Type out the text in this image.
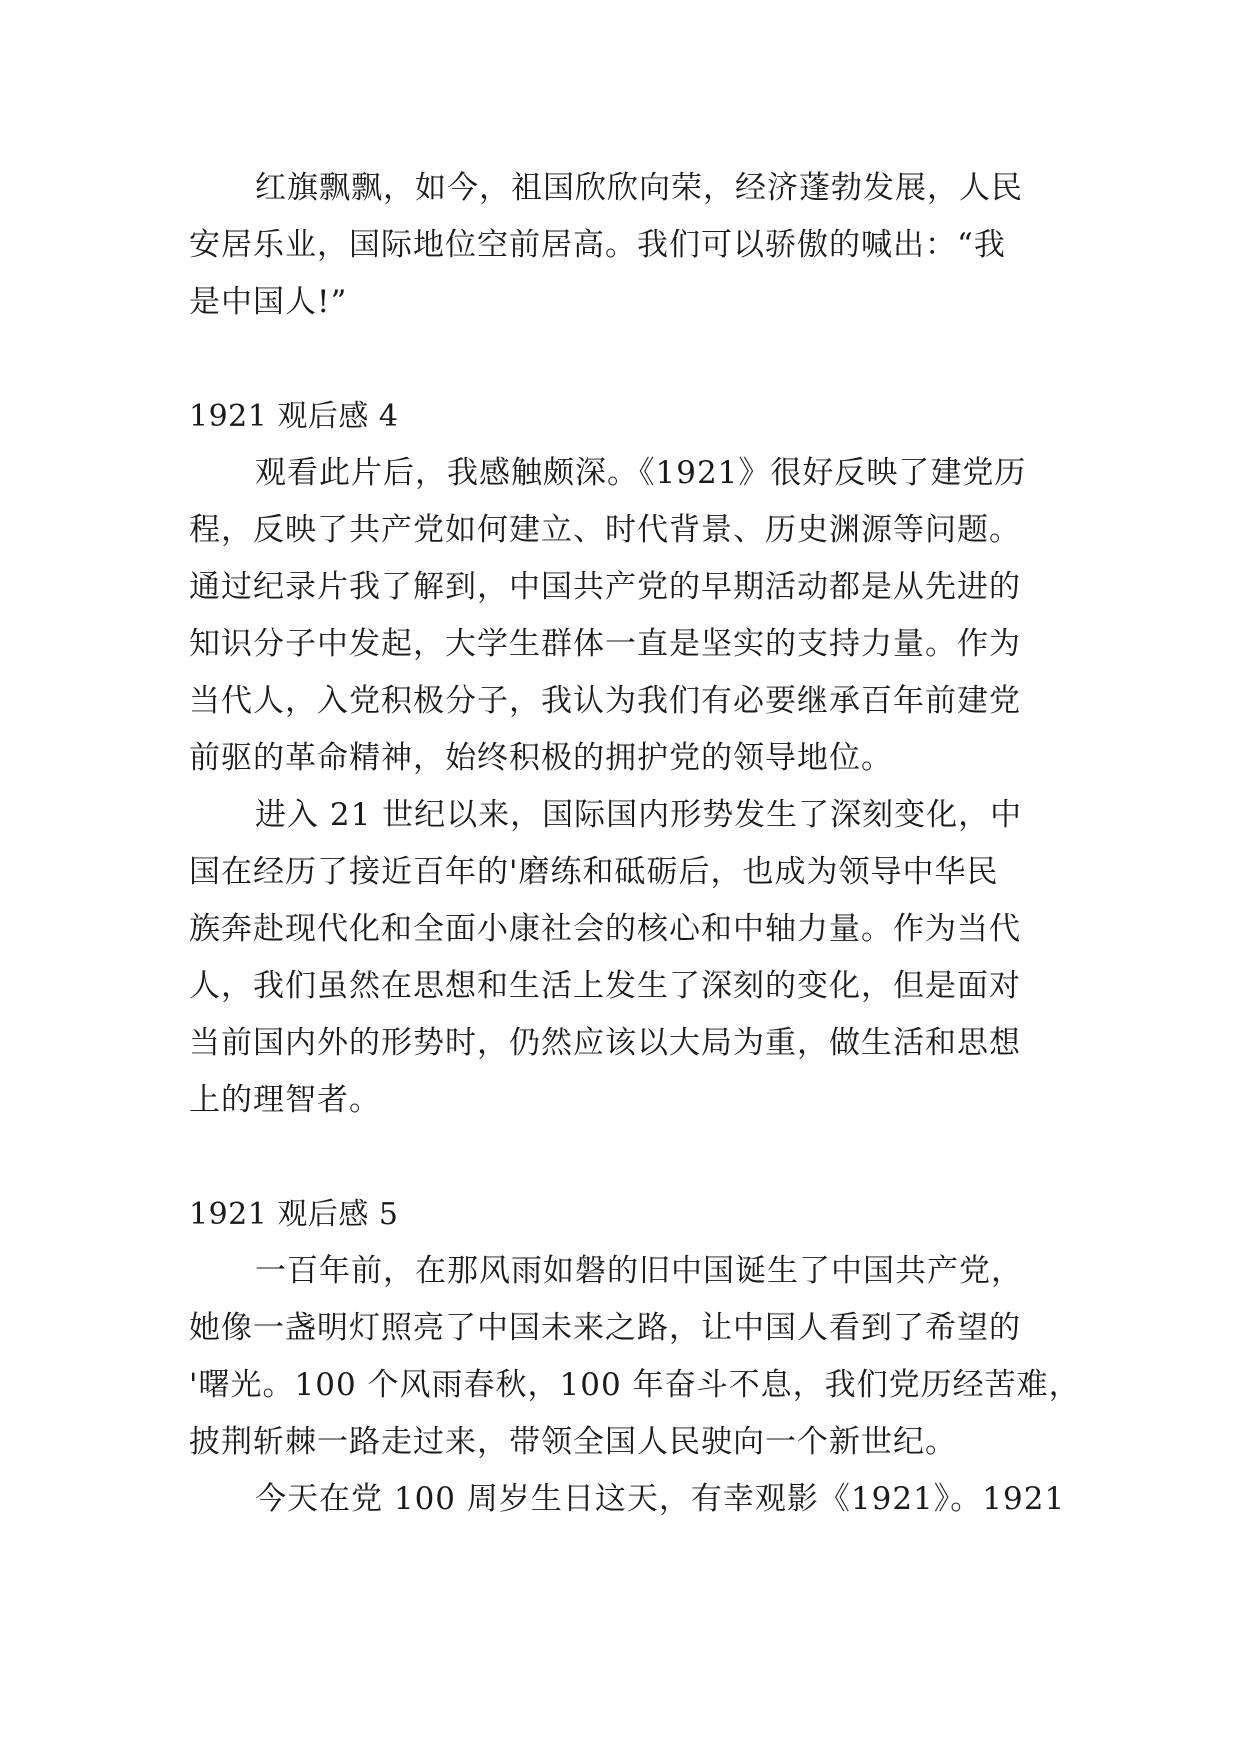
红旗飘飘，如今，祖国欣欣向荣，经济蓬勃发展，人民
安居乐业，国际地位空前居高。我们可以骄傲的喊出：“我
是中国人!”
1921 观后感 4
观看此片后，我感触颇深。《1921》很好反映了建党历
程，反映了共产党如何建立、时代背景、历史渊源等问题。
通过纪录片我了解到，中国共产党的早期活动都是从先进的
知识分子中发起，大学生群体一直是坚实的支持力量。作为
当代人，入党积极分子，我认为我们有必要继承百年前建党
前驱的革命精神，始终积极的拥护党的领导地位。
进入 21 世纪以来，国际国内形势发生了深刻变化，中
国在经历了接近百年的'磨练和砥砺后，也成为领导中华民
族奔赴现代化和全面小康社会的核心和中轴力量。作为当代
人，我们虽然在思想和生活上发生了深刻的变化，但是面对
当前国内外的形势时，仍然应该以大局为重，做生活和思想
上的理智者。
1921 观后感 5
一百年前，在那风雨如磐的旧中国诞生了中国共产党，
她像一盏明灯照亮了中国未来之路，让中国人看到了希望的
'曙光。100 个风雨春秋，100 年奋斗不息，我们党历经苦难，
披荆斩棘一路走过来，带领全国人民驶向一个新世纪。
今天在党 100 周岁生日这天，有幸观影《1921》。1921
